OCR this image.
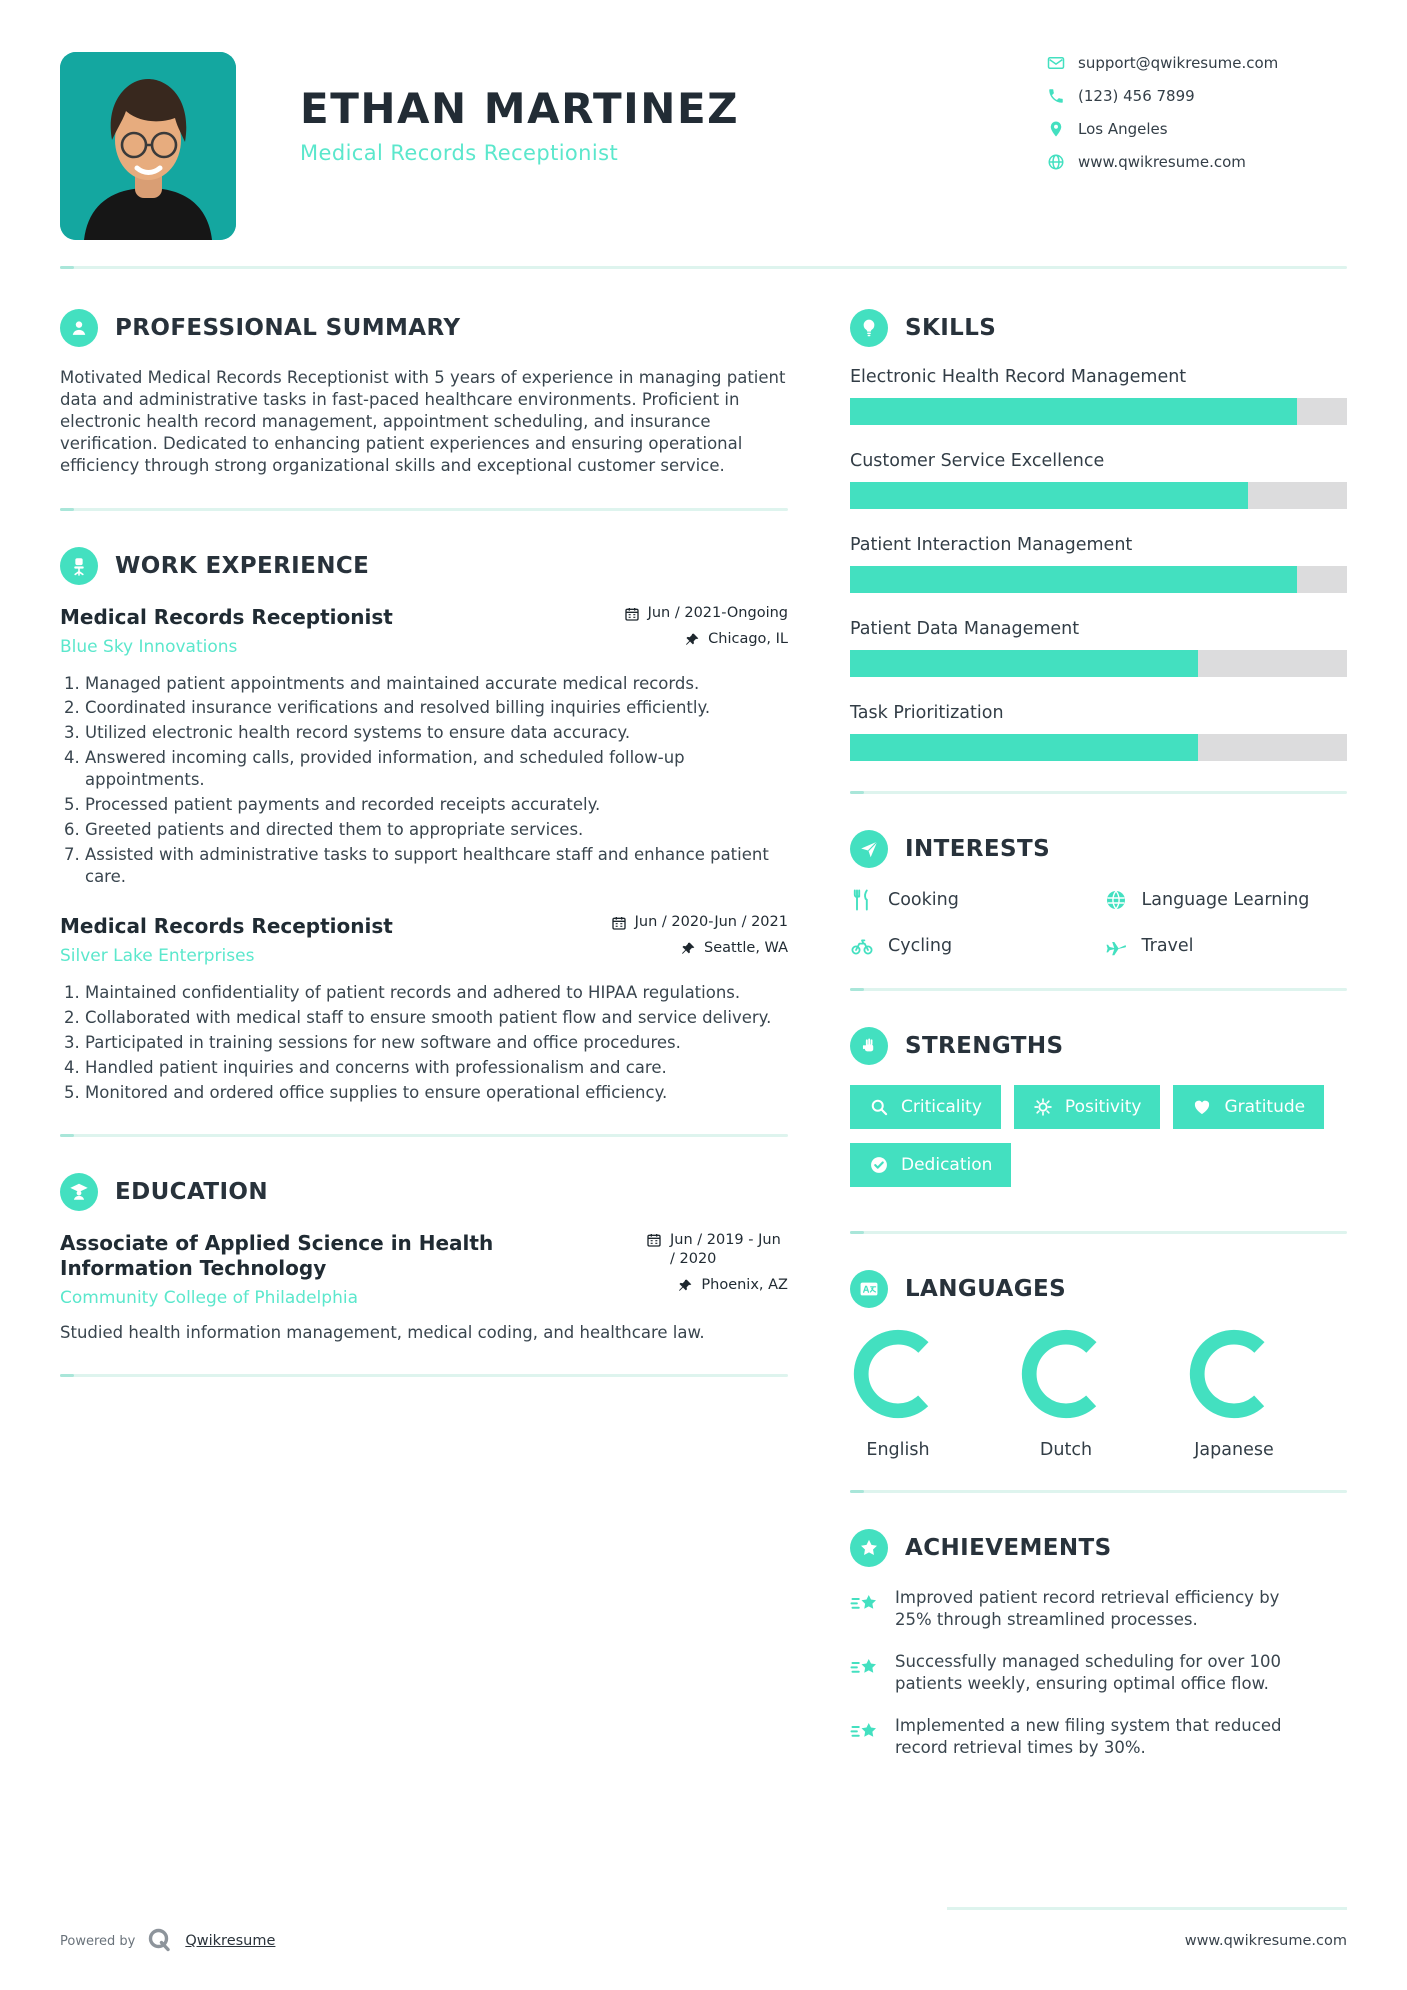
ETHAN MARTINEZ
Medical Records Receptionist
support@qwikresume.com
(123) 456 7899
Los Angeles
www.qwikresume.com
PROFESSIONAL SUMMARY

Motivated Medical Records Receptionist with 5 years of experience in managing patient data and administrative tasks in fast-paced healthcare environments. Proficient in electronic health record management, appointment scheduling, and insurance verification. Dedicated to enhancing patient experiences and ensuring operational efficiency through strong organizational skills and exceptional customer service.

WORK EXPERIENCE
Medical Records Receptionist
Blue Sky Innovations
Jun / 2021-Ongoing
Chicago, IL
1. Managed patient appointments and maintained accurate medical records.
2. Coordinated insurance verifications and resolved billing inquiries efficiently.
3. Utilized electronic health record systems to ensure data accuracy.
4. Answered incoming calls, provided information, and scheduled follow-up appointments.
5. Processed patient payments and recorded receipts accurately.
6. Greeted patients and directed them to appropriate services.
7. Assisted with administrative tasks to support healthcare staff and enhance patient care.
Medical Records Receptionist
Silver Lake Enterprises
Jun / 2020-Jun / 2021
Seattle, WA
1. Maintained confidentiality of patient records and adhered to HIPAA regulations.
2. Collaborated with medical staff to ensure smooth patient flow and service delivery.
3. Participated in training sessions for new software and office procedures.
4. Handled patient inquiries and concerns with professionalism and care.
5. Monitored and ordered office supplies to ensure operational efficiency.
EDUCATION
Associate of Applied Science in Health Information Technology
Community College of Philadelphia
Jun / 2019 - Jun / 2020
Phoenix, AZ

Studied health information management, medical coding, and healthcare law.

SKILLS
Electronic Health Record Management
Customer Service Excellence
Patient Interaction Management
Patient Data Management
Task Prioritization
INTERESTS
Cooking	Language Learning
Cycling	Travel
STRENGTHS
Criticality	Positivity	Gratitude
Dedication
LANGUAGES
English	Dutch	Japanese
ACHIEVEMENTS

Improved patient record retrieval efficiency by 25% through streamlined processes.

Successfully managed scheduling for over 100 patients weekly, ensuring optimal office flow.

Implemented a new filing system that reduced record retrieval times by 30%.

Powered by	Qwikresume	www.qwikresume.com
